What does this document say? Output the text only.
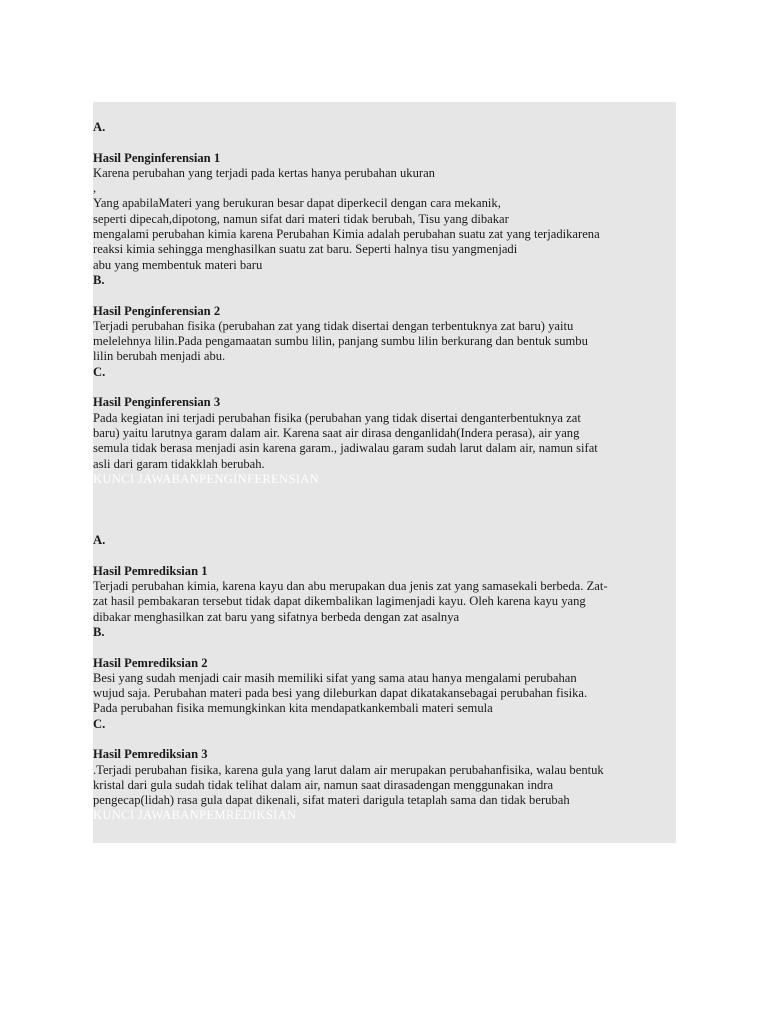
A.
Hasil Penginferensian 1
Karena perubahan yang terjadi pada kertas hanya perubahan ukuran
,
Yang apabilaMateri yang berukuran besar dapat diperkecil dengan cara mekanik,
seperti dipecah,dipotong, namun sifat dari materi tidak berubah, Tisu yang dibakar
mengalami perubahan kimia karena Perubahan Kimia adalah perubahan suatu zat yang terjadikarena
reaksi kimia sehingga menghasilkan suatu zat baru. Seperti halnya tisu yangmenjadi
abu yang membentuk materi baru
B.
Hasil Penginferensian 2
Terjadi perubahan fisika (perubahan zat yang tidak disertai dengan terbentuknya zat baru) yaitu
melelehnya lilin.Pada pengamaatan sumbu lilin, panjang sumbu lilin berkurang dan bentuk sumbu
lilin berubah menjadi abu.
C.
Hasil Penginferensian 3
Pada kegiatan ini terjadi perubahan fisika (perubahan yang tidak disertai denganterbentuknya zat
baru) yaitu larutnya garam dalam air. Karena saat air dirasa denganlidah(Indera perasa), air yang
semula tidak berasa menjadi asin karena garam., jadiwalau garam sudah larut dalam air, namun sifat
asli dari garam tidakklah berubah.
KUNCI JAWABANPENGINFERENSIAN
A.
Hasil Pemrediksian 1
Terjadi perubahan kimia, karena kayu dan abu merupakan dua jenis zat yang samasekali berbeda. Zat-
zat hasil pembakaran tersebut tidak dapat dikembalikan lagimenjadi kayu. Oleh karena kayu yang
dibakar menghasilkan zat baru yang sifatnya berbeda dengan zat asalnya
B.
Hasil Pemrediksian 2
Besi yang sudah menjadi cair masih memiliki sifat yang sama atau hanya mengalami perubahan
wujud saja. Perubahan materi pada besi yang dileburkan dapat dikatakansebagai perubahan fisika.
Pada perubahan fisika memungkinkan kita mendapatkankembali materi semula
C.
Hasil Pemrediksian 3
.Terjadi perubahan fisika, karena gula yang larut dalam air merupakan perubahanfisika, walau bentuk
kristal dari gula sudah tidak telihat dalam air, namun saat dirasadengan menggunakan indra
pengecap(lidah) rasa gula dapat dikenali, sifat materi darigula tetaplah sama dan tidak berubah
KUNCI JAWABANPEMREDIKSIAN
